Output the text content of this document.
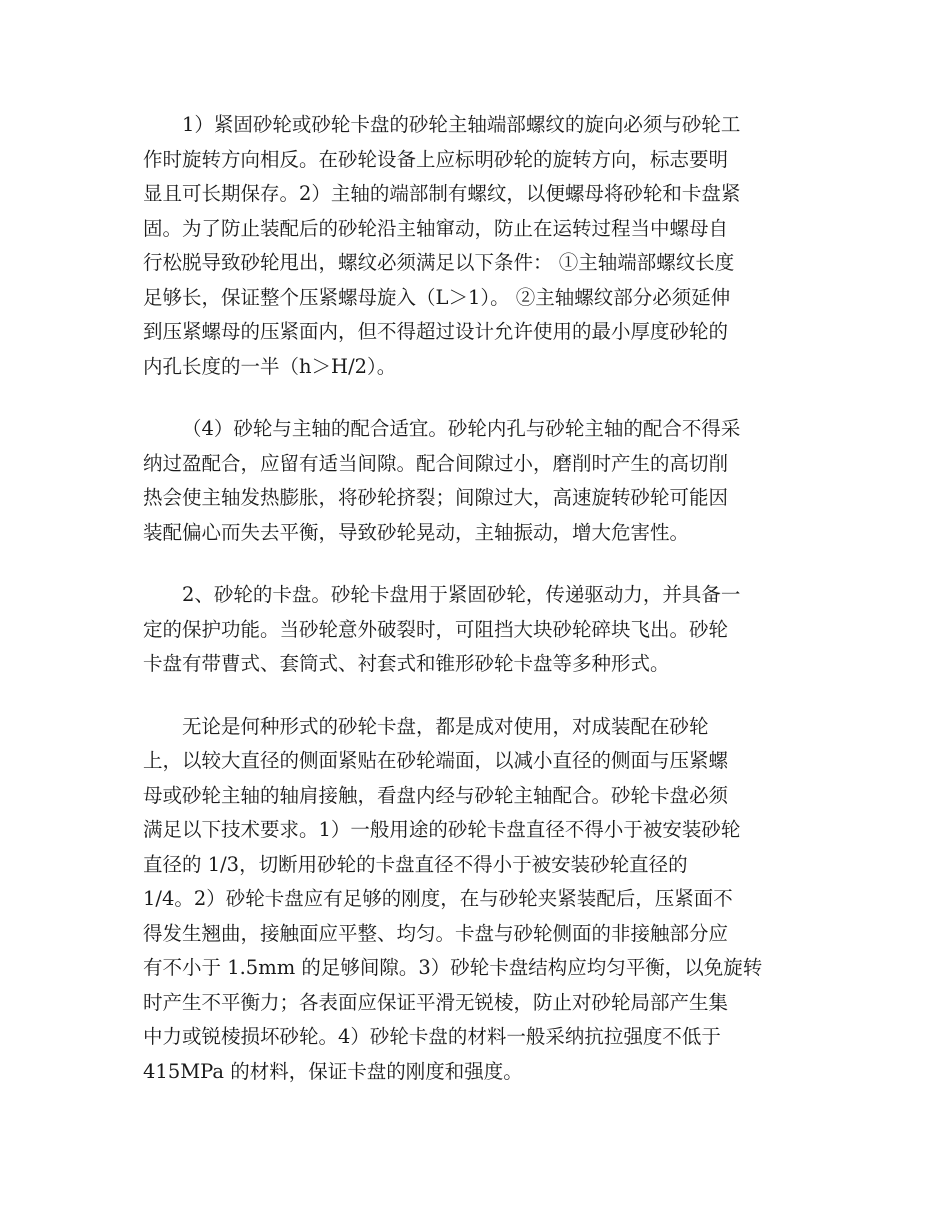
1）紧固砂轮或砂轮卡盘的砂轮主轴端部螺纹的旋向必须与砂轮工
作时旋转方向相反。在砂轮设备上应标明砂轮的旋转方向，标志要明
显且可长期保存。2）主轴的端部制有螺纹，以便螺母将砂轮和卡盘紧
固。为了防止装配后的砂轮沿主轴窜动，防止在运转过程当中螺母自
行松脱导致砂轮甩出，螺纹必须满足以下条件： ①主轴端部螺纹长度
足够长，保证整个压紧螺母旋入（L＞1）。 ②主轴螺纹部分必须延伸
到压紧螺母的压紧面内，但不得超过设计允许使用的最小厚度砂轮的
内孔长度的一半（h＞H/2）。

（4）砂轮与主轴的配合适宜。砂轮内孔与砂轮主轴的配合不得采
纳过盈配合，应留有适当间隙。配合间隙过小，磨削时产生的高切削
热会使主轴发热膨胀，将砂轮挤裂；间隙过大，高速旋转砂轮可能因
装配偏心而失去平衡，导致砂轮晃动，主轴振动，增大危害性。

2、砂轮的卡盘。砂轮卡盘用于紧固砂轮，传递驱动力，并具备一
定的保护功能。当砂轮意外破裂时，可阻挡大块砂轮碎块飞出。砂轮
卡盘有带曹式、套筒式、衬套式和锥形砂轮卡盘等多种形式。

无论是何种形式的砂轮卡盘，都是成对使用，对成装配在砂轮
上，以较大直径的侧面紧贴在砂轮端面，以减小直径的侧面与压紧螺
母或砂轮主轴的轴肩接触，看盘内经与砂轮主轴配合。砂轮卡盘必须
满足以下技术要求。1）一般用途的砂轮卡盘直径不得小于被安装砂轮
直径的 1/3，切断用砂轮的卡盘直径不得小于被安装砂轮直径的
1/4。2）砂轮卡盘应有足够的刚度，在与砂轮夹紧装配后，压紧面不
得发生翘曲，接触面应平整、均匀。卡盘与砂轮侧面的非接触部分应
有不小于 1.5mm 的足够间隙。3）砂轮卡盘结构应均匀平衡，以免旋转
时产生不平衡力；各表面应保证平滑无锐棱，防止对砂轮局部产生集
中力或锐棱损坏砂轮。4）砂轮卡盘的材料一般采纳抗拉强度不低于
415MPa 的材料，保证卡盘的刚度和强度。
